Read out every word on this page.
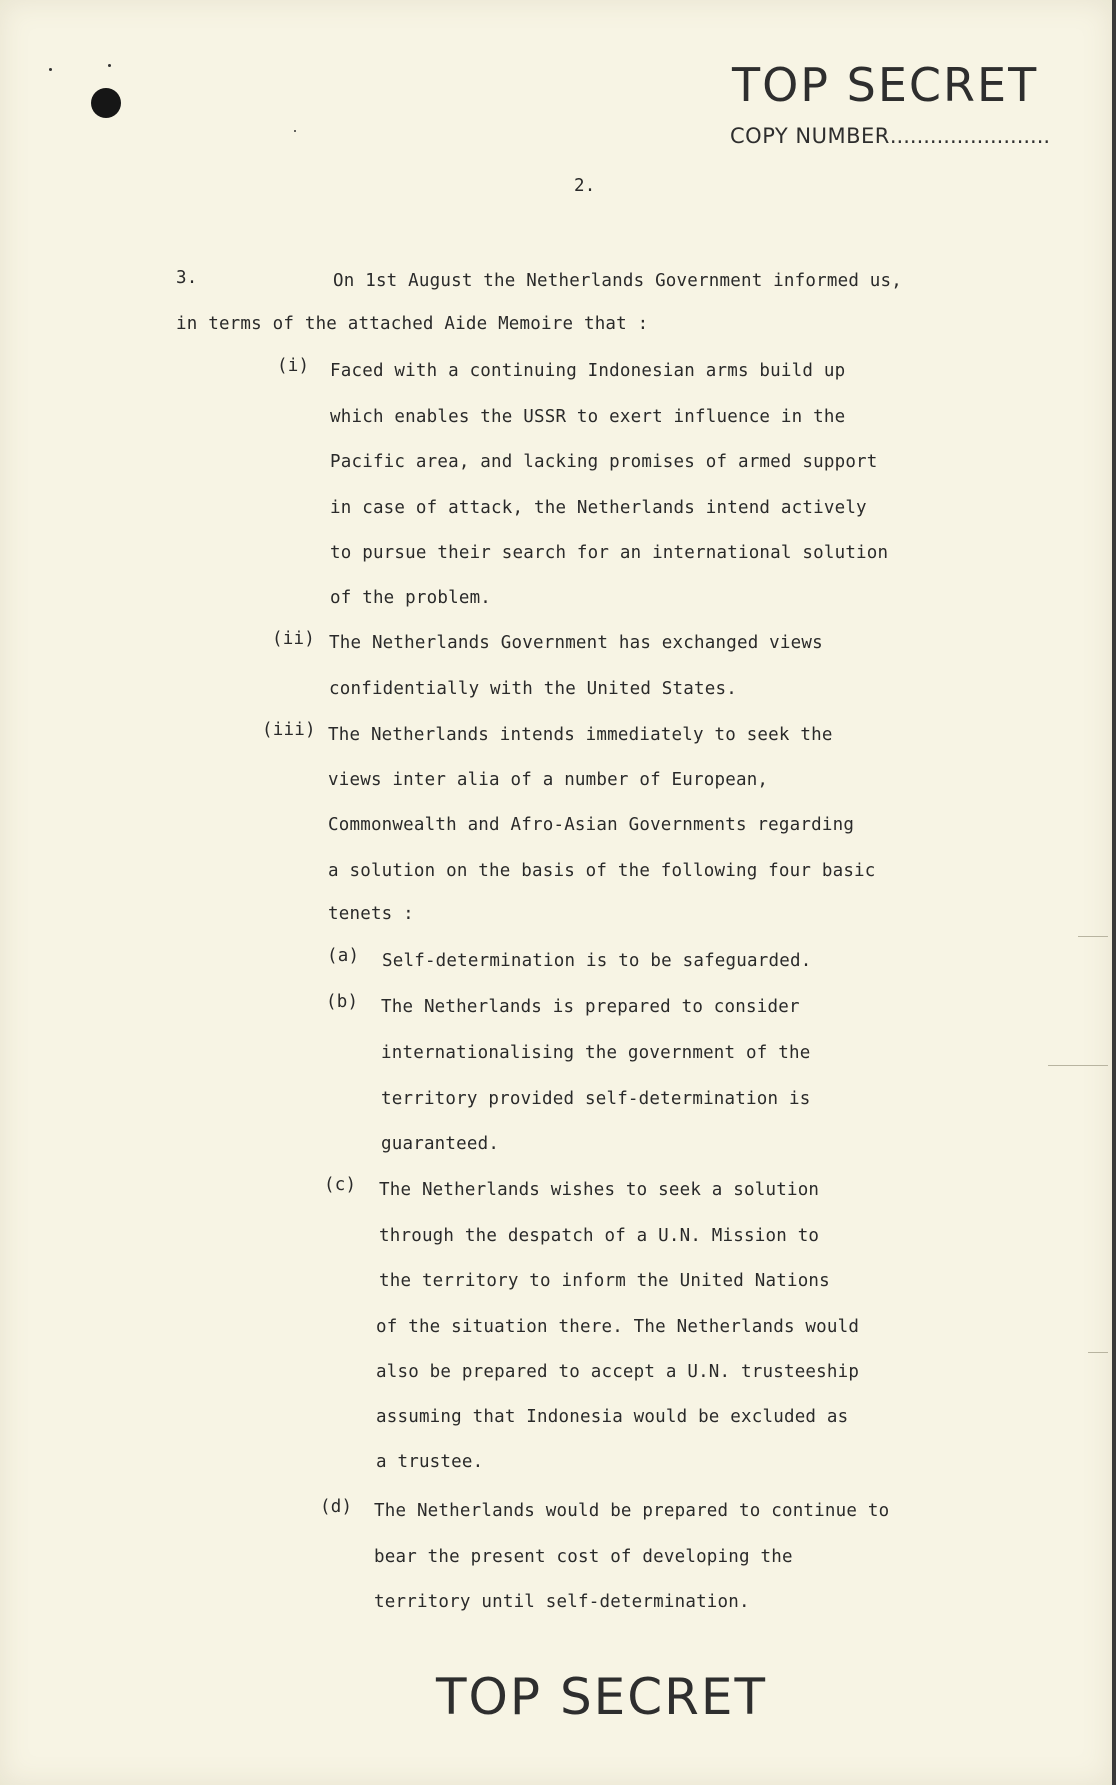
TOP SECRET
COPY NUMBER........................
2.
3.	On 1st August the Netherlands Government informed us,
in terms of the attached Aide Memoire that :
(i) Faced with a continuing Indonesian arms build up
which enables the USSR to exert influence in the
Pacific area, and lacking promises of armed support
in case of attack, the Netherlands intend actively
to pursue their search for an international solution
of the problem.
(ii) The Netherlands Government has exchanged views
confidentially with the United States.
(iii) The Netherlands intends immediately to seek the
views inter alia of a number of European,
Commonwealth and Afro-Asian Governments regarding
a solution on the basis of the following four basic
tenets :
(a) Self-determination is to be safeguarded.
(b) The Netherlands is prepared to consider
internationalising the government of the
territory provided self-determination is
guaranteed.
(c) The Netherlands wishes to seek a solution
through the despatch of a U.N. Mission to
the territory to inform the United Nations
of the situation there. The Netherlands would
also be prepared to accept a U.N. trusteeship
assuming that Indonesia would be excluded as
a trustee.
(d) The Netherlands would be prepared to continue to
bear the present cost of developing the
territory until self-determination.
TOP SECRET
